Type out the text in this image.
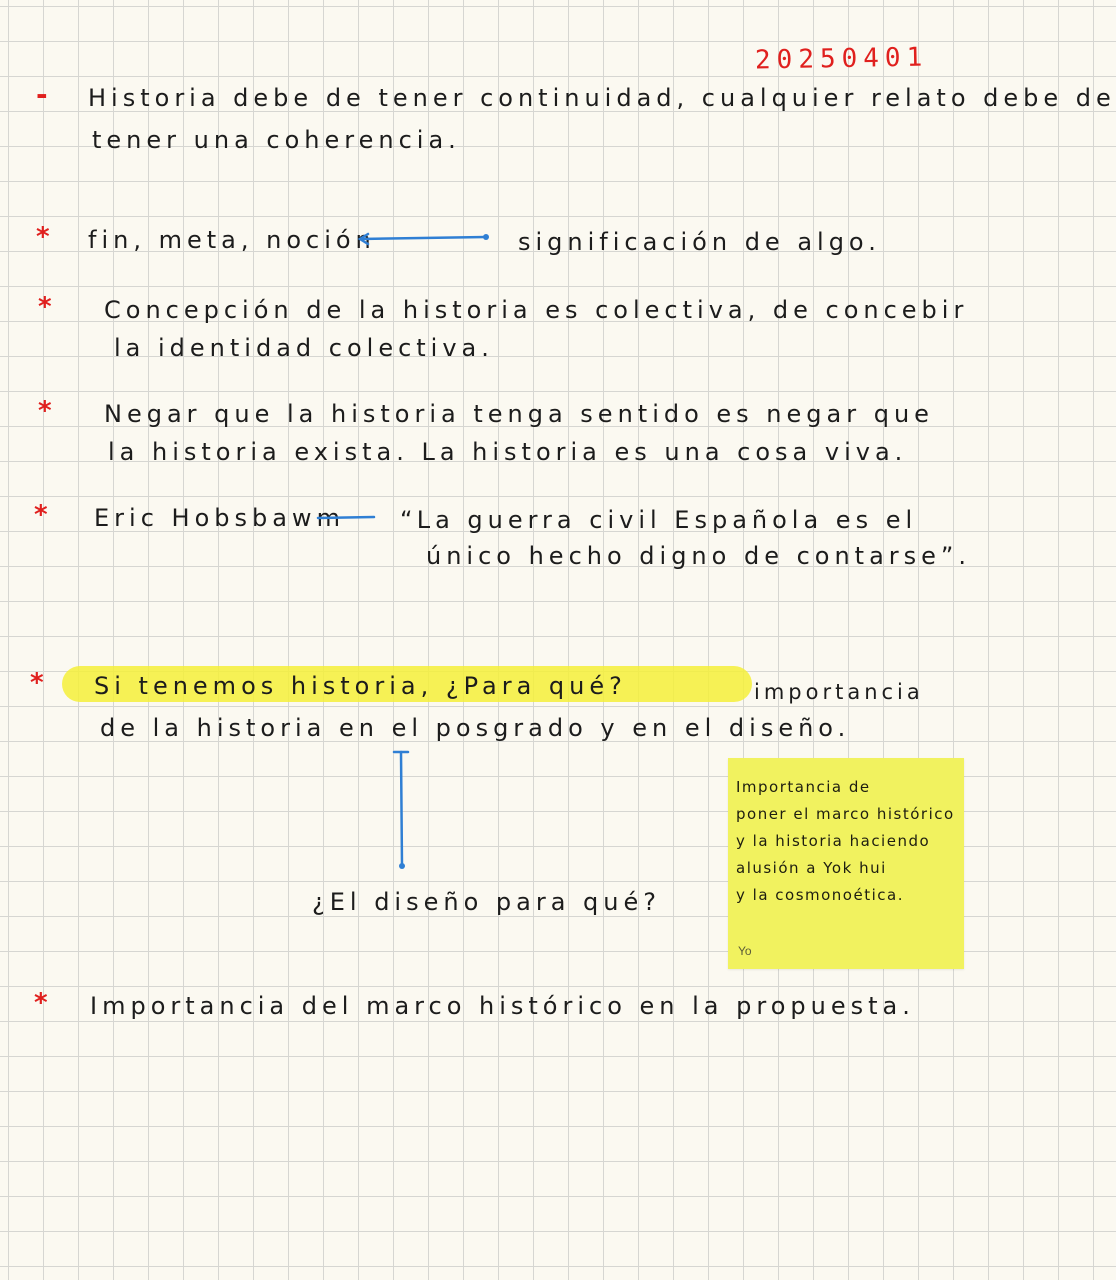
20250401
- Historia debe de tener continuidad, cualquier relato debe de
tener una coherencia.
* fin, meta, noción	significación de algo.
* Concepción de la historia es colectiva, de concebir
la identidad colectiva.
* Negar que la historia tenga sentido es negar que
la historia exista. La historia es una cosa viva.
* Eric Hobsbawm “La guerra civil Española es el
único hecho digno de contarse”.
* Si tenemos historia, ¿Para qué?	importancia
de la historia en el posgrado y en el diseño.
¿El diseño para qué?
Importancia de
poner el marco histórico
y la historia haciendo
alusión a Yok hui
y la cosmonoética.
Yo
* Importancia del marco histórico en la propuesta.
